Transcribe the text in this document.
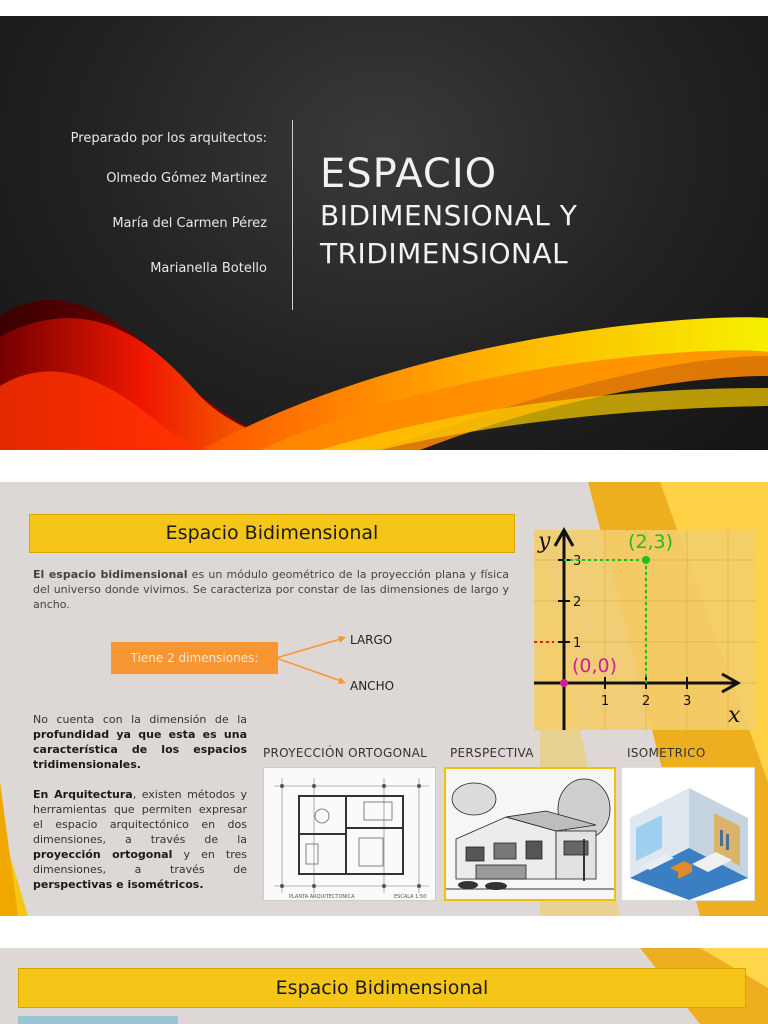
Preparado por los arquitectos:
Olmedo Gómez Martinez
María del Carmen Pérez
Marianella Botello
ESPACIO
BIDIMENSIONAL Y
TRIDIMENSIONAL
Espacio Bidimensional
El espacio bidimensional es un módulo geométrico de la proyección plana y física del universo donde vivimos. Se caracteriza por constar de las dimensiones de largo y ancho.
Tiene 2 dimensiones:
LARGO
ANCHO

No cuenta con la dimensión de la profundidad ya que esta es una característica de los espacios tridimensionales.

En Arquitectura, existen métodos y herramientas que permiten expresar el espacio arquitectónico en dos dimensiones, a través de la proyección ortogonal y en tres dimensiones, a través de perspectivas e isométricos.

1
2
3
1	2	3
y
x
(2,3)
(0,0)
PROYECCIÓN ORTOGONAL PERSPECTIVA	ISOMETRICO
PLANTA ARQUITECTONICA	ESCALA 1:50
Espacio Bidimensional
